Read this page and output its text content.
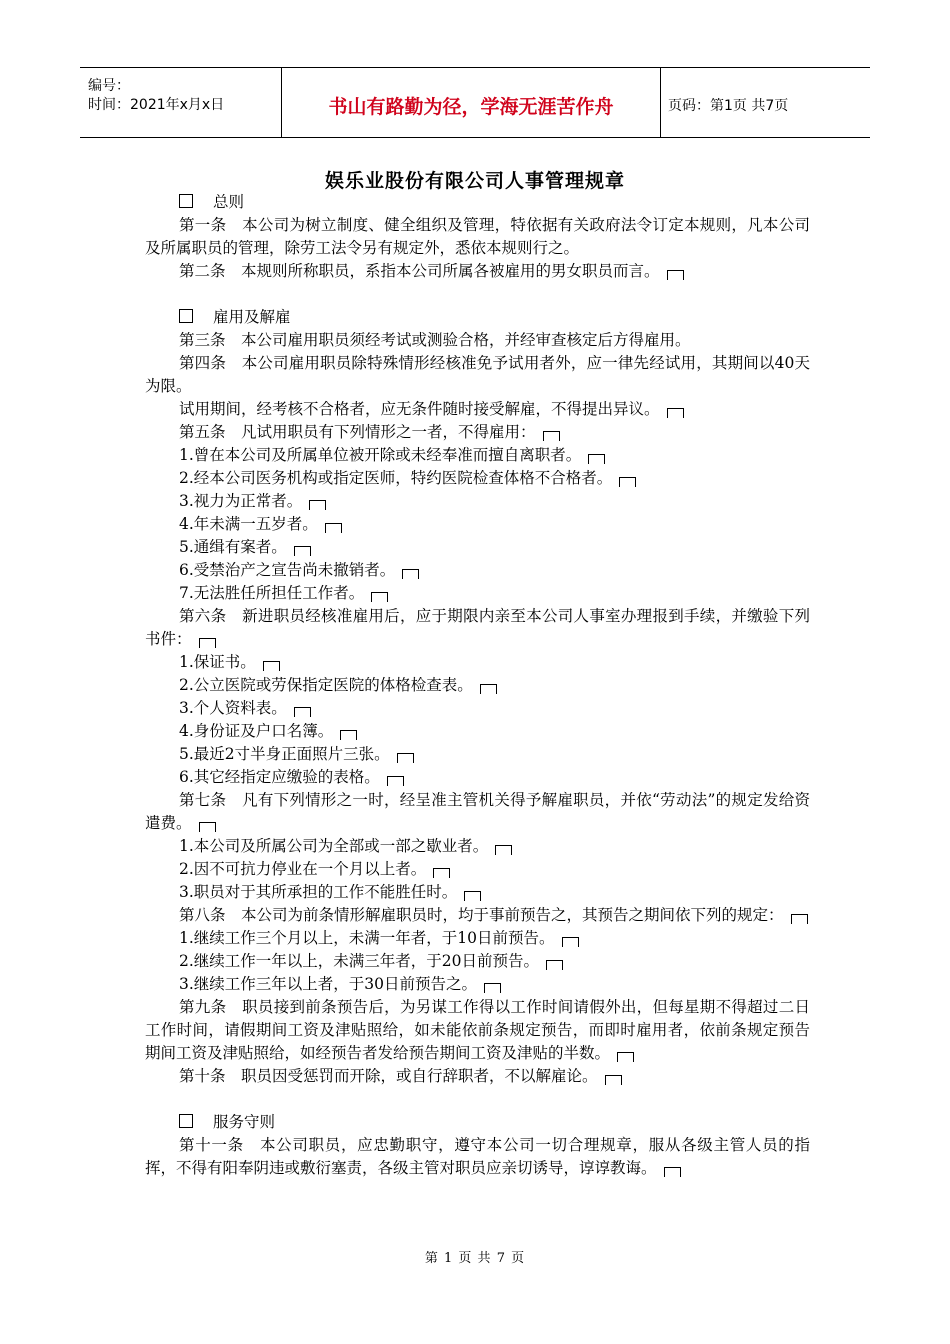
编号：
时间：2021年x月x日	书山有路勤为径，学海无涯苦作舟	页码：第1页 共7页
娱乐业股份有限公司人事管理规章

总则

第一条　本公司为树立制度、健全组织及管理，特依据有关政府法令订定本规则，凡本公司及所属职员的管理，除劳工法令另有规定外，悉依本规则行之。

第二条　本规则所称职员，系指本公司所属各被雇用的男女职员而言。

雇用及解雇

第三条　本公司雇用职员须经考试或测验合格，并经审查核定后方得雇用。

第四条　本公司雇用职员除特殊情形经核准免予试用者外，应一律先经试用，其期间以40天为限。

试用期间，经考核不合格者，应无条件随时接受解雇，不得提出异议。

第五条　凡试用职员有下列情形之一者，不得雇用：

1.曾在本公司及所属单位被开除或未经奉准而擅自离职者。

2.经本公司医务机构或指定医师，特约医院检查体格不合格者。

3.视力为正常者。

4.年未满一五岁者。

5.通缉有案者。

6.受禁治产之宣告尚未撤销者。

7.无法胜任所担任工作者。

第六条　新进职员经核准雇用后，应于期限内亲至本公司人事室办理报到手续，并缴验下列书件：

1.保证书。

2.公立医院或劳保指定医院的体格检查表。

3.个人资料表。

4.身份证及户口名簿。

5.最近2寸半身正面照片三张。

6.其它经指定应缴验的表格。

第七条　凡有下列情形之一时，经呈准主管机关得予解雇职员，并依“劳动法”的规定发给资遣费。

1.本公司及所属公司为全部或一部之歇业者。

2.因不可抗力停业在一个月以上者。

3.职员对于其所承担的工作不能胜任时。

第八条　本公司为前条情形解雇职员时，均于事前预告之，其预告之期间依下列的规定：

1.继续工作三个月以上，未满一年者，于10日前预告。

2.继续工作一年以上，未满三年者，于20日前预告。

3.继续工作三年以上者，于30日前预告之。

第九条　职员接到前条预告后，为另谋工作得以工作时间请假外出，但每星期不得超过二日工作时间，请假期间工资及津贴照给，如未能依前条规定预告，而即时雇用者，依前条规定预告期间工资及津贴照给，如经预告者发给预告期间工资及津贴的半数。

第十条　职员因受惩罚而开除，或自行辞职者，不以解雇论。

服务守则

第十一条　本公司职员，应忠勤职守，遵守本公司一切合理规章，服从各级主管人员的指挥，不得有阳奉阴违或敷衍塞责，各级主管对职员应亲切诱导，谆谆教诲。

第 1 页 共 7 页
